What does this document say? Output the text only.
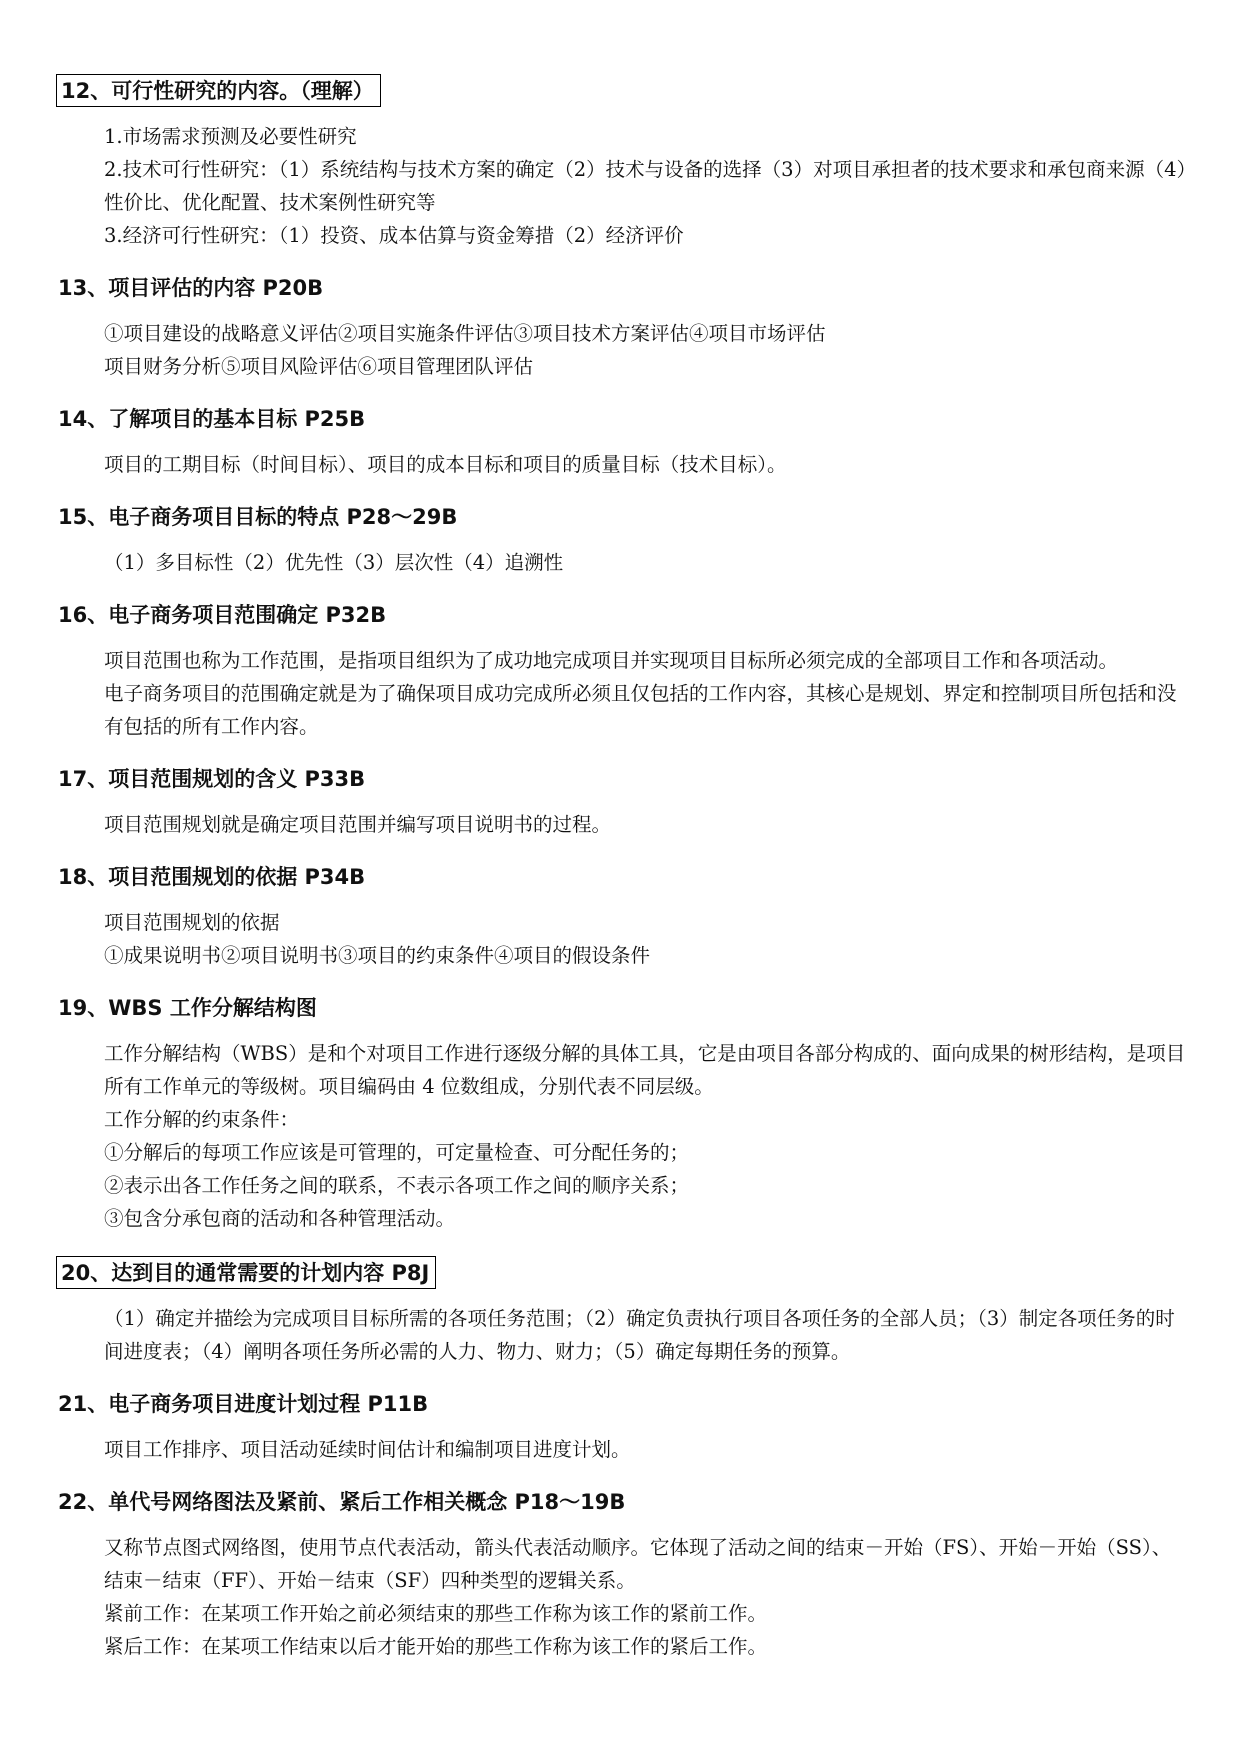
12、可行性研究的内容。（理解）

1.市场需求预测及必要性研究

2.技术可行性研究：（1）系统结构与技术方案的确定（2）技术与设备的选择（3）对项目承担者的技术要求和承包商来源（4）性价比、优化配置、技术案例性研究等

3.经济可行性研究：（1）投资、成本估算与资金筹措（2）经济评价

13、项目评估的内容 P20B

①项目建设的战略意义评估②项目实施条件评估③项目技术方案评估④项目市场评估

项目财务分析⑤项目风险评估⑥项目管理团队评估

14、了解项目的基本目标 P25B

项目的工期目标（时间目标）、项目的成本目标和项目的质量目标（技术目标）。

15、电子商务项目目标的特点 P28～29B

（1）多目标性（2）优先性（3）层次性（4）追溯性

16、电子商务项目范围确定 P32B

项目范围也称为工作范围，是指项目组织为了成功地完成项目并实现项目目标所必须完成的全部项目工作和各项活动。

电子商务项目的范围确定就是为了确保项目成功完成所必须且仅包括的工作内容，其核心是规划、界定和控制项目所包括和没有包括的所有工作内容。

17、项目范围规划的含义 P33B

项目范围规划就是确定项目范围并编写项目说明书的过程。

18、项目范围规划的依据 P34B

项目范围规划的依据

①成果说明书②项目说明书③项目的约束条件④项目的假设条件

19、WBS 工作分解结构图

工作分解结构（WBS）是和个对项目工作进行逐级分解的具体工具，它是由项目各部分构成的、面向成果的树形结构，是项目所有工作单元的等级树。项目编码由 4 位数组成，分别代表不同层级。

工作分解的约束条件：

①分解后的每项工作应该是可管理的，可定量检查、可分配任务的；

②表示出各工作任务之间的联系，不表示各项工作之间的顺序关系；

③包含分承包商的活动和各种管理活动。

20、达到目的通常需要的计划内容 P8J

（1）确定并描绘为完成项目目标所需的各项任务范围；（2）确定负责执行项目各项任务的全部人员；（3）制定各项任务的时间进度表；（4）阐明各项任务所必需的人力、物力、财力；（5）确定每期任务的预算。

21、电子商务项目进度计划过程 P11B

项目工作排序、项目活动延续时间估计和编制项目进度计划。

22、单代号网络图法及紧前、紧后工作相关概念 P18～19B

又称节点图式网络图，使用节点代表活动，箭头代表活动顺序。它体现了活动之间的结束－开始（FS）、开始－开始（SS）、结束－结束（FF）、开始－结束（SF）四种类型的逻辑关系。

紧前工作：在某项工作开始之前必须结束的那些工作称为该工作的紧前工作。

紧后工作：在某项工作结束以后才能开始的那些工作称为该工作的紧后工作。
